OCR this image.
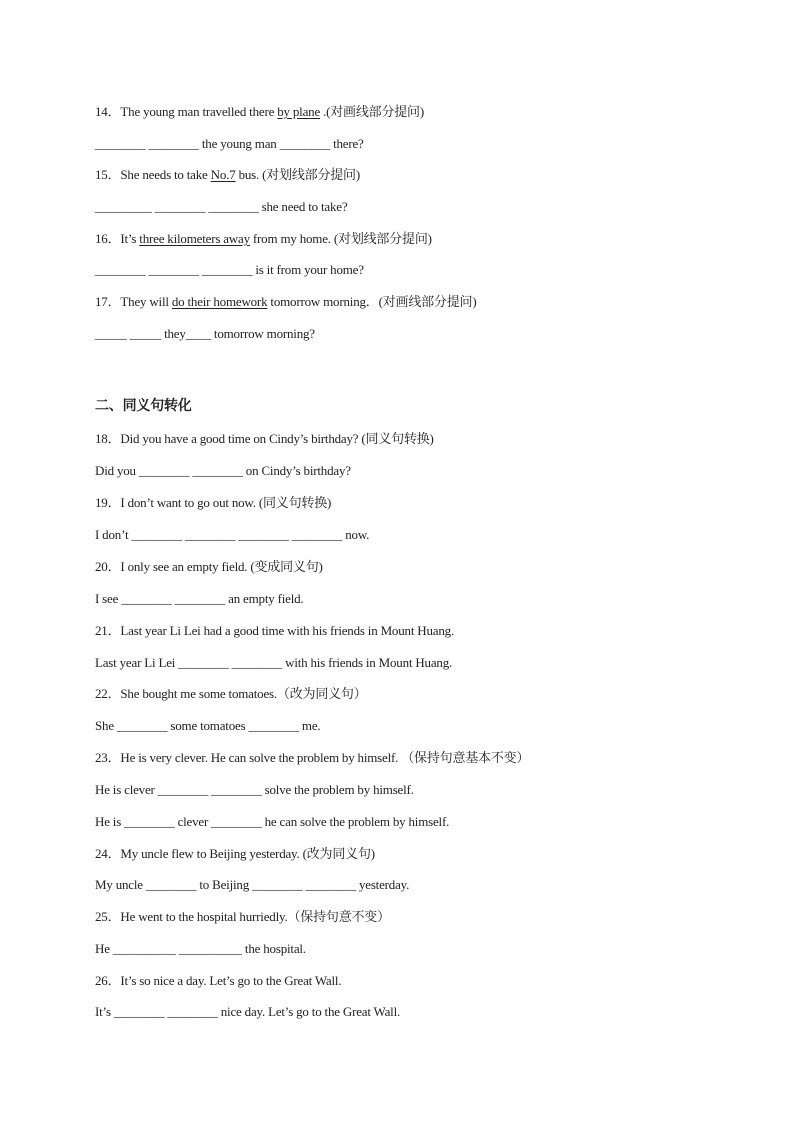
14．The young man travelled there by plane .(对画线部分提问)
________ ________ the young man ________ there?
15．She needs to take No.7 bus. (对划线部分提问)
_________ ________ ________ she need to take?
16．It’s three kilometers away from my home. (对划线部分提问)
________ ________ ________ is it from your home?
17．They will do their homework tomorrow morning．(对画线部分提问)
_____ _____ they____ tomorrow morning?
二、同义句转化
18．Did you have a good time on Cindy’s birthday? (同义句转换)
Did you ________ ________ on Cindy’s birthday?
19．I don’t want to go out now. (同义句转换)
I don’t ________ ________ ________ ________ now.
20．I only see an empty field. (变成同义句)
I see ________ ________ an empty field.
21．Last year Li Lei had a good time with his friends in Mount Huang.
Last year Li Lei ________ ________ with his friends in Mount Huang.
22．She bought me some tomatoes.（改为同义句）
She ________ some tomatoes ________ me.
23．He is very clever. He can solve the problem by himself. （保持句意基本不变）
He is clever ________ ________ solve the problem by himself.
He is ________ clever ________ he can solve the problem by himself.
24．My uncle flew to Beijing yesterday. (改为同义句)
My uncle ________ to Beijing ________ ________ yesterday.
25．He went to the hospital hurriedly.（保持句意不变）
He __________ __________ the hospital.
26．It’s so nice a day. Let’s go to the Great Wall.
It’s ________ ________ nice day. Let’s go to the Great Wall.
